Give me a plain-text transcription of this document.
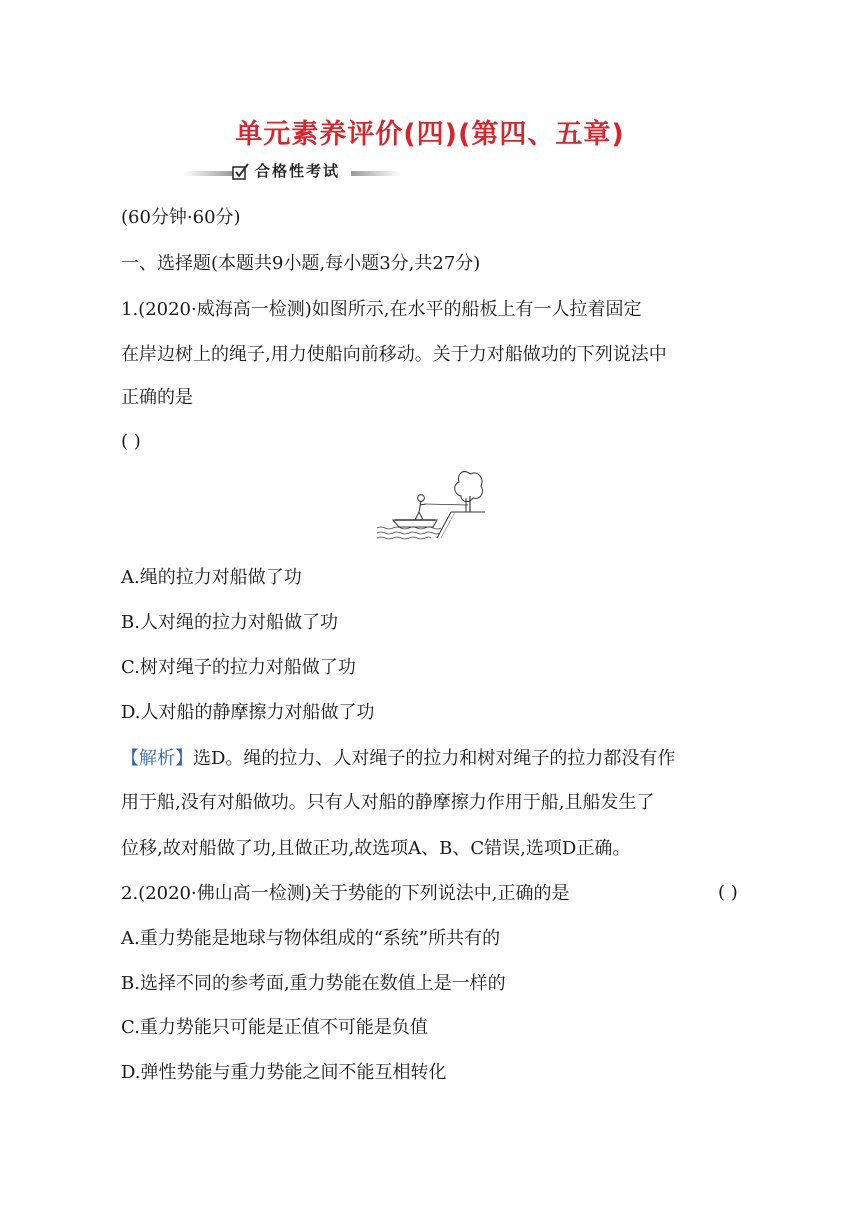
单元素养评价(四)(第四、五章)
合格性考试
(60分钟·60分)
一、选择题(本题共9小题,每小题3分,共27分)
1.(2020·威海高一检测)如图所示,在水平的船板上有一人拉着固定
在岸边树上的绳子,用力使船向前移动。关于力对船做功的下列说法中
正确的是
( )
A.绳的拉力对船做了功
B.人对绳的拉力对船做了功
C.树对绳子的拉力对船做了功
D.人对船的静摩擦力对船做了功
【解析】选D。绳的拉力、人对绳子的拉力和树对绳子的拉力都没有作
用于船,没有对船做功。只有人对船的静摩擦力作用于船,且船发生了
位移,故对船做了功,且做正功,故选项A、B、C错误,选项D正确。
2.(2020·佛山高一检测)关于势能的下列说法中,正确的是	( )
A.重力势能是地球与物体组成的“系统”所共有的
B.选择不同的参考面,重力势能在数值上是一样的
C.重力势能只可能是正值不可能是负值
D.弹性势能与重力势能之间不能互相转化
